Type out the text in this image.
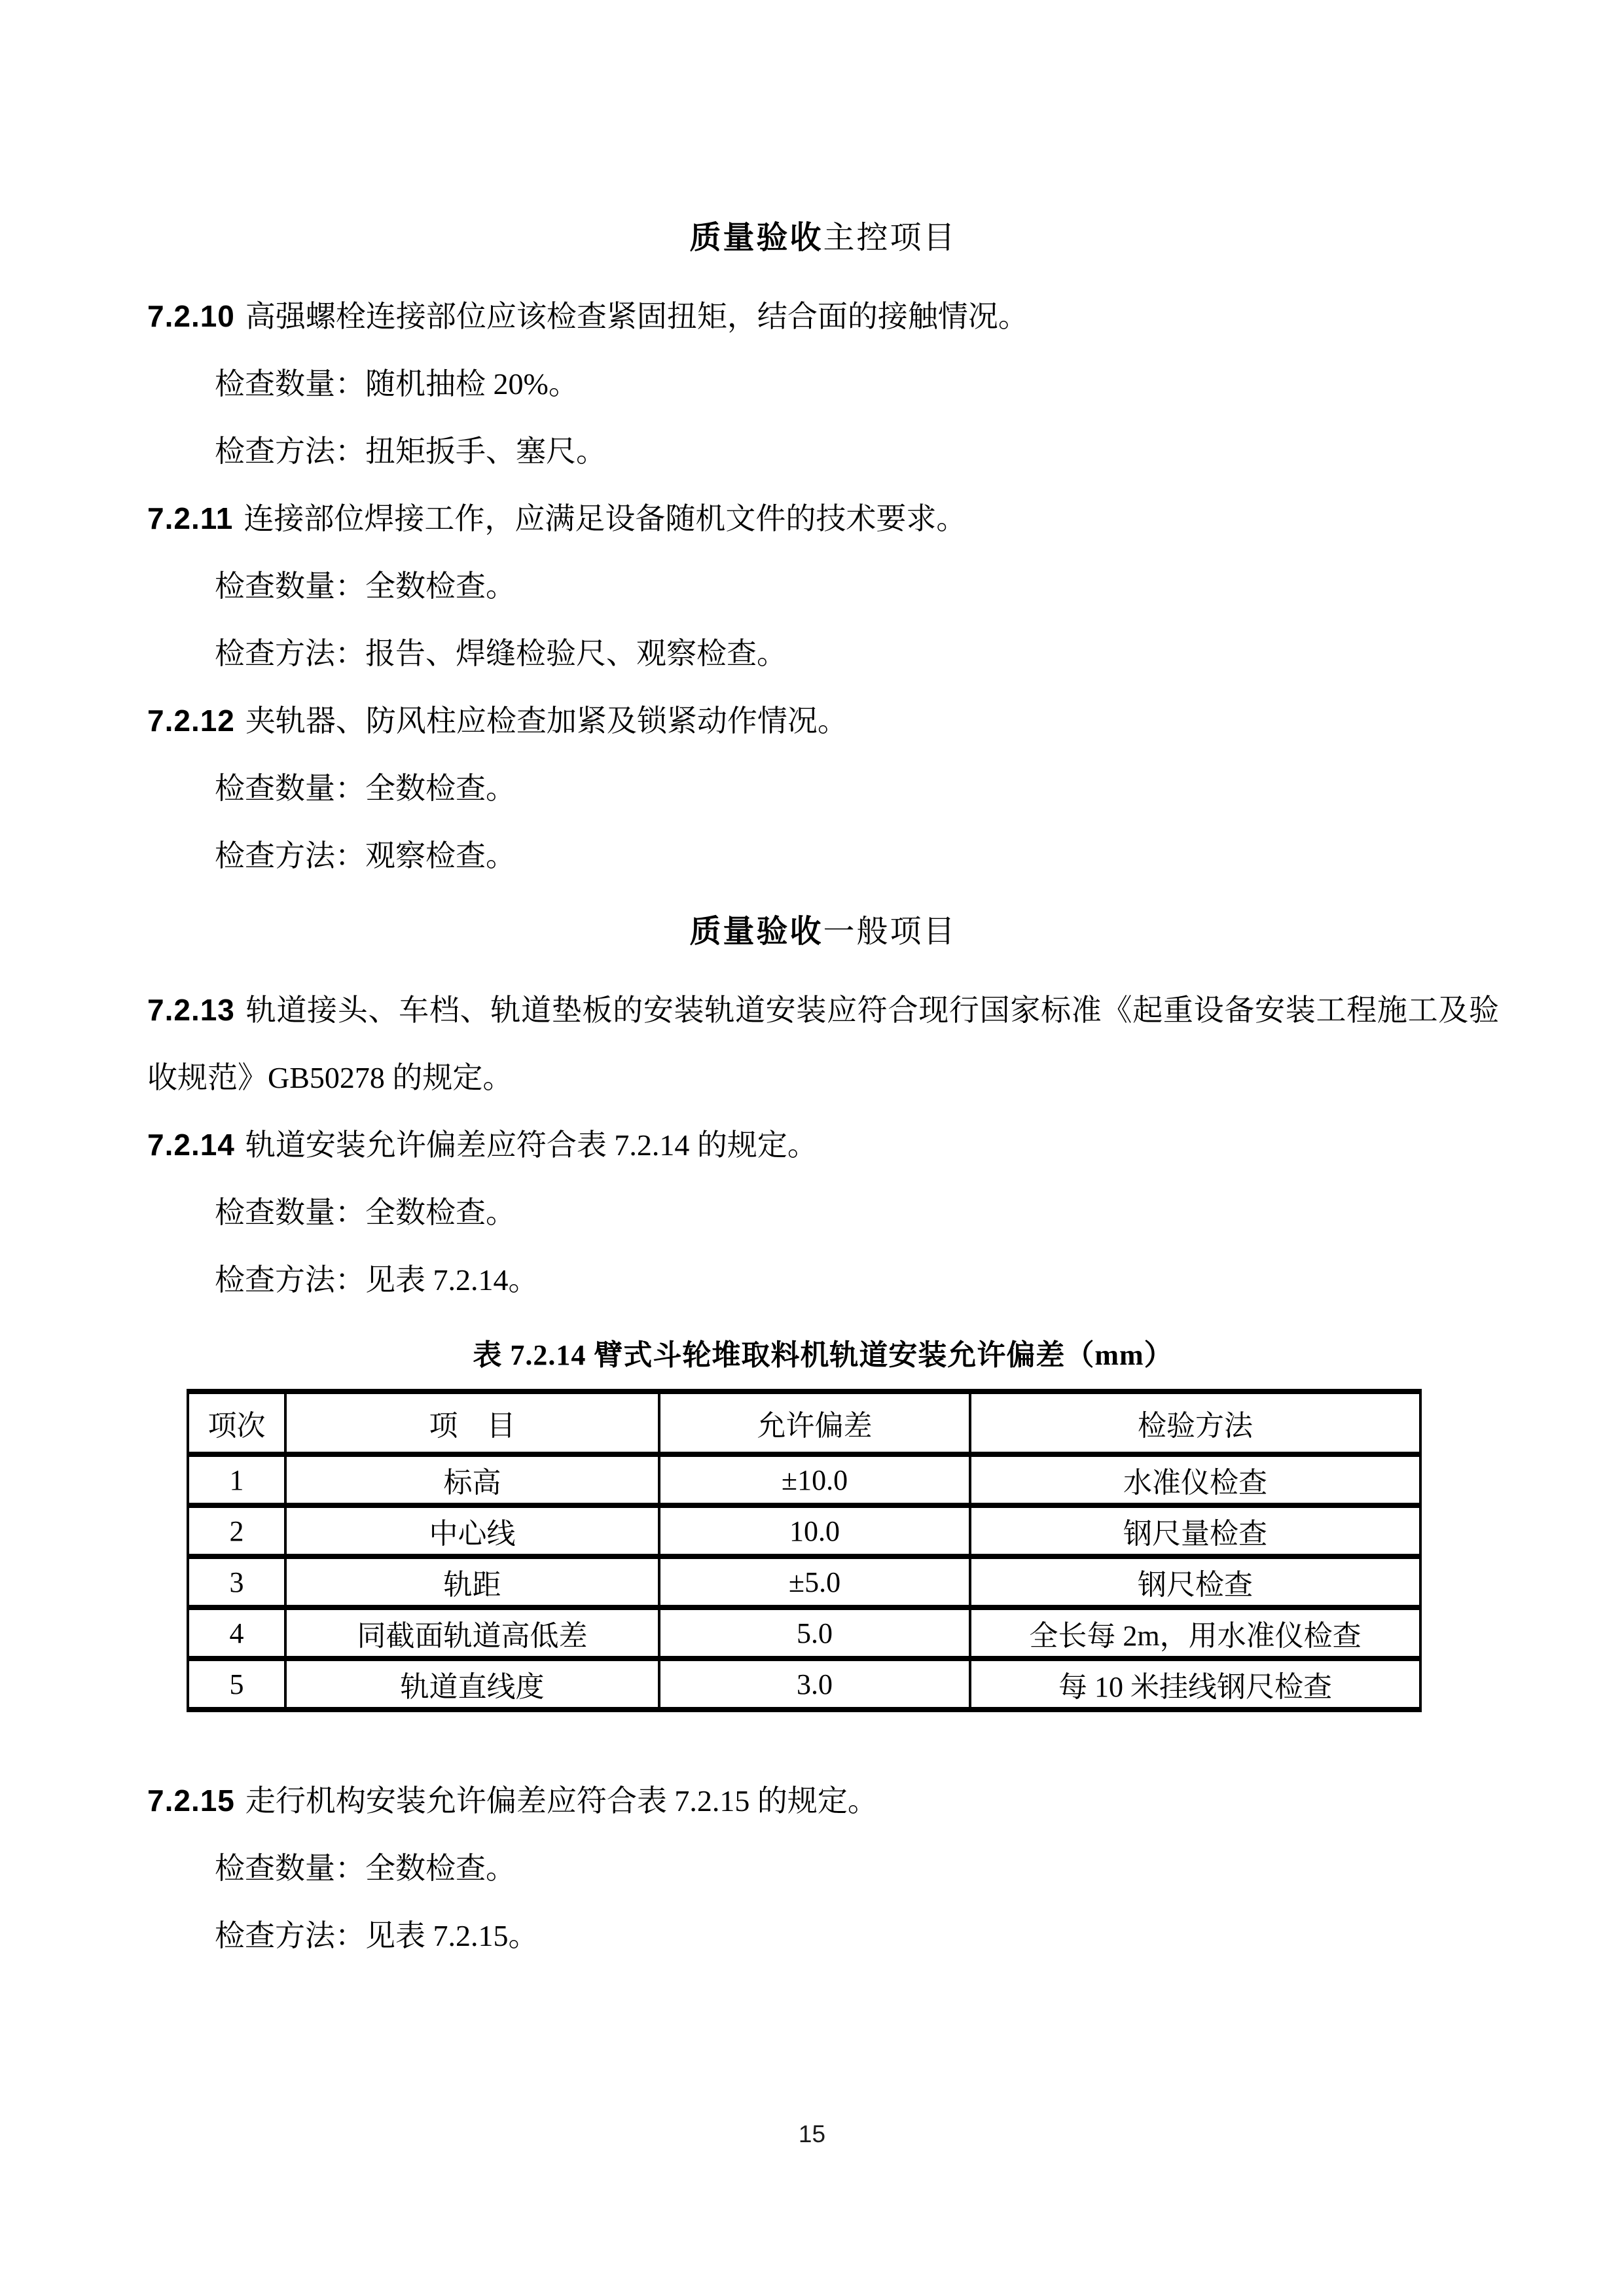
质量验收主控项目

7.2.10 高强螺栓连接部位应该检查紧固扭矩，结合面的接触情况。

检查数量：随机抽检 20%。

检查方法：扭矩扳手、塞尺。

7.2.11 连接部位焊接工作，应满足设备随机文件的技术要求。

检查数量：全数检查。

检查方法：报告、焊缝检验尺、观察检查。

7.2.12 夹轨器、防风柱应检查加紧及锁紧动作情况。

检查数量：全数检查。

检查方法：观察检查。

质量验收一般项目

7.2.13 轨道接头、车档、轨道垫板的安装轨道安装应符合现行国家标准《起重设备安装工程施工及验收规范》GB50278 的规定。

7.2.14 轨道安装允许偏差应符合表 7.2.14 的规定。

检查数量：全数检查。

检查方法：见表 7.2.14。

表 7.2.14 臂式斗轮堆取料机轨道安装允许偏差（mm）

项次	项　目	允许偏差	检验方法
1	标高	±10.0	水准仪检查
2	中心线	10.0	钢尺量检查
3	轨距	±5.0	钢尺检查
4	同截面轨道高低差	5.0	全长每 2m，用水准仪检查
5	轨道直线度	3.0	每 10 米挂线钢尺检查

7.2.15 走行机构安装允许偏差应符合表 7.2.15 的规定。

检查数量：全数检查。

检查方法：见表 7.2.15。

15
